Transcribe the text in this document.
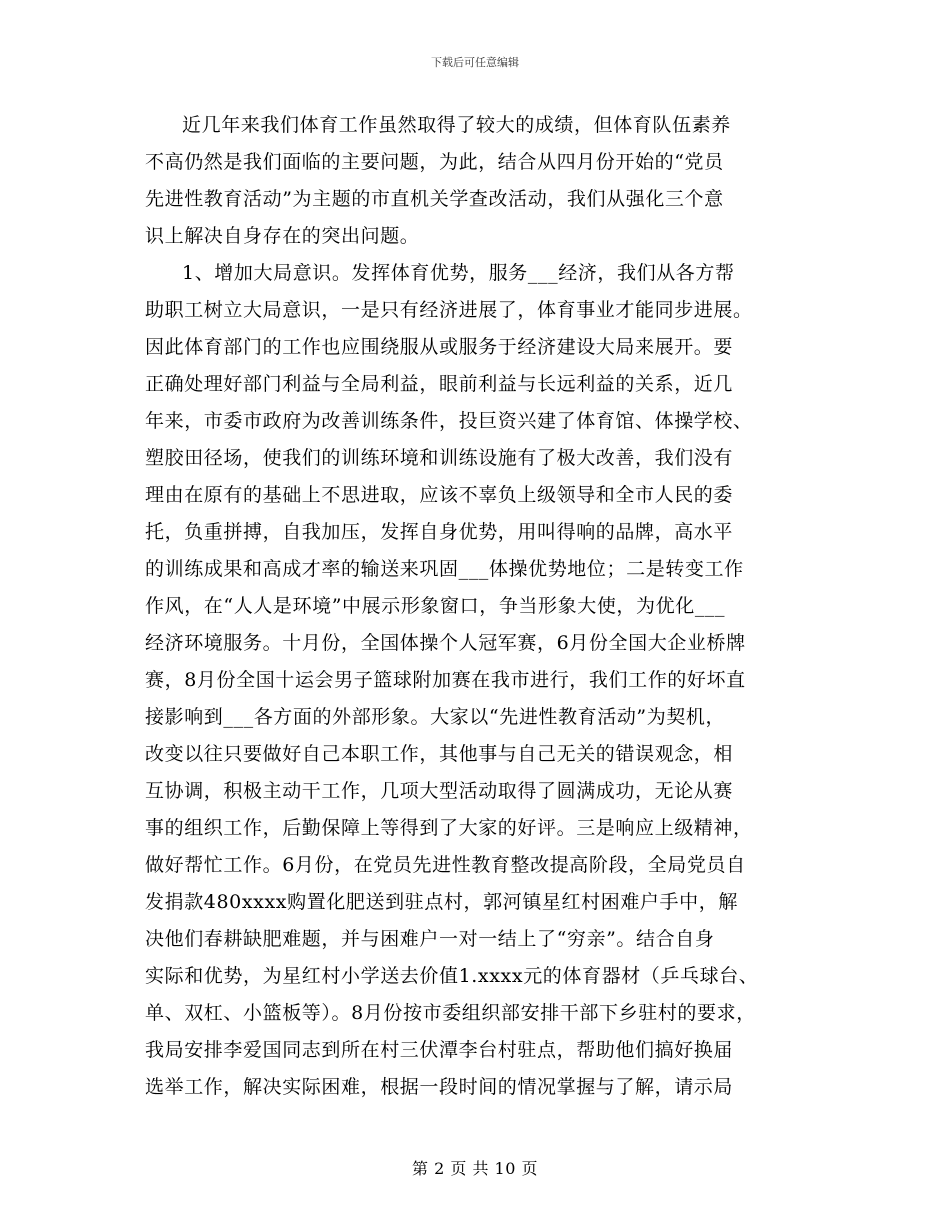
下载后可任意编辑
近几年来我们体育工作虽然取得了较大的成绩，但体育队伍素养
不高仍然是我们面临的主要问题，为此，结合从四月份开始的“党员
先进性教育活动”为主题的市直机关学查改活动，我们从强化三个意
识上解决自身存在的突出问题。
1、增加大局意识。发挥体育优势，服务___经济，我们从各方帮
助职工树立大局意识，一是只有经济进展了，体育事业才能同步进展。
因此体育部门的工作也应围绕服从或服务于经济建设大局来展开。要
正确处理好部门利益与全局利益，眼前利益与长远利益的关系，近几
年来，市委市政府为改善训练条件，投巨资兴建了体育馆、体操学校、
塑胶田径场，使我们的训练环境和训练设施有了极大改善，我们没有
理由在原有的基础上不思进取，应该不辜负上级领导和全市人民的委
托，负重拼搏，自我加压，发挥自身优势，用叫得响的品牌，高水平
的训练成果和高成才率的输送来巩固___体操优势地位；二是转变工作
作风，在“人人是环境”中展示形象窗口，争当形象大使，为优化___
经济环境服务。十月份，全国体操个人冠军赛，6月份全国大企业桥牌
赛，8月份全国十运会男子篮球附加赛在我市进行，我们工作的好坏直
接影响到___各方面的外部形象。大家以“先进性教育活动”为契机，
改变以往只要做好自己本职工作，其他事与自己无关的错误观念，相
互协调，积极主动干工作，几项大型活动取得了圆满成功，无论从赛
事的组织工作，后勤保障上等得到了大家的好评。三是响应上级精神，
做好帮忙工作。6月份，在党员先进性教育整改提高阶段，全局党员自
发捐款480xxxx购置化肥送到驻点村，郭河镇星红村困难户手中，解
决他们春耕缺肥难题，并与困难户一对一结上了“穷亲”。结合自身
实际和优势，为星红村小学送去价值1.xxxx元的体育器材（乒乓球台、
单、双杠、小篮板等）。8月份按市委组织部安排干部下乡驻村的要求，
我局安排李爱国同志到所在村三伏潭李台村驻点，帮助他们搞好换届
选举工作，解决实际困难，根据一段时间的情况掌握与了解，请示局
第 2 页 共 10 页
